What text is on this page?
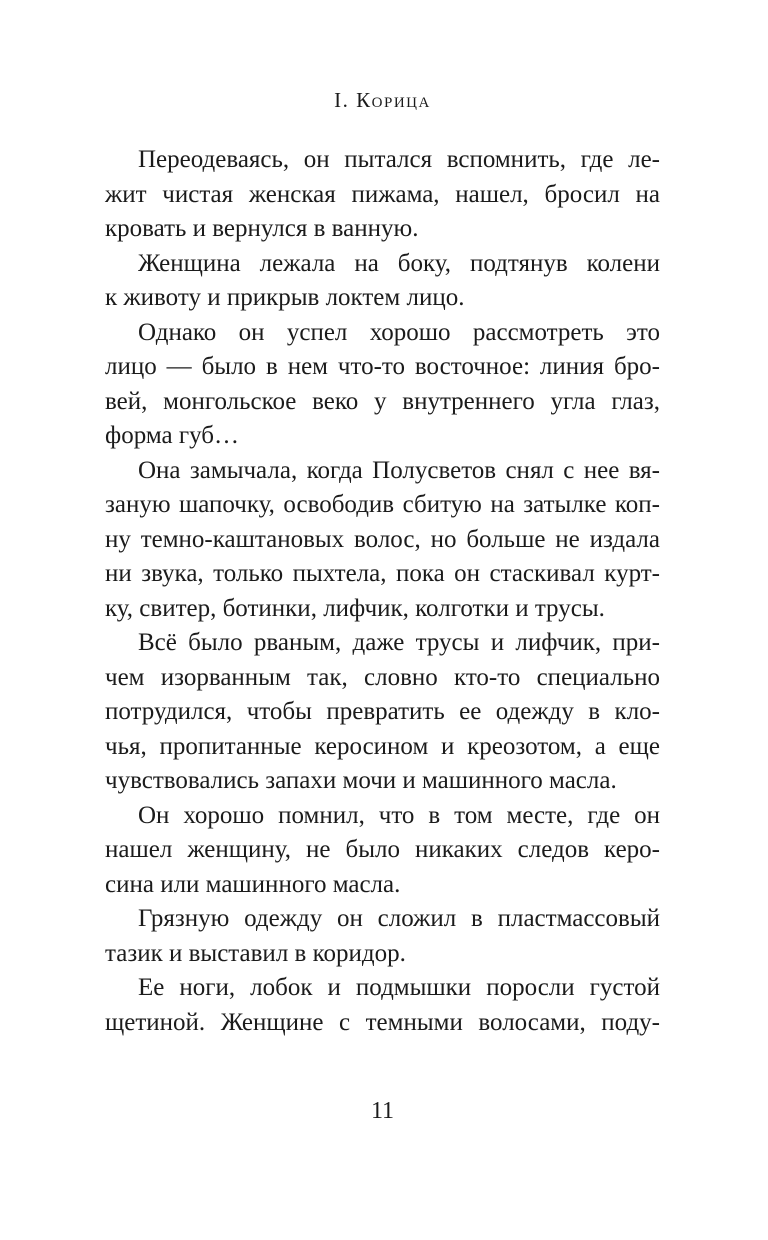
I. Корица
Переодеваясь, он пытался вспомнить, где ле-
жит чистая женская пижама, нашел, бросил на
кровать и вернулся в ванную.
Женщина лежала на боку, подтянув колени
к животу и прикрыв локтем лицо.
Однако он успел хорошо рассмотреть это
лицо — было в нем что-то восточное: линия бро-
вей, монгольское веко у внутреннего угла глаз,
форма губ…
Она замычала, когда Полусветов снял с нее вя-
заную шапочку, освободив сбитую на затылке коп-
ну темно-каштановых волос, но больше не издала
ни звука, только пыхтела, пока он стаскивал курт-
ку, свитер, ботинки, лифчик, колготки и трусы.
Всё было рваным, даже трусы и лифчик, при-
чем изорванным так, словно кто-то специально
потрудился, чтобы превратить ее одежду в кло-
чья, пропитанные керосином и креозотом, а еще
чувствовались запахи мочи и машинного масла.
Он хорошо помнил, что в том месте, где он
нашел женщину, не было никаких следов керо-
сина или машинного масла.
Грязную одежду он сложил в пластмассовый
тазик и выставил в коридор.
Ее ноги, лобок и подмышки поросли густой
щетиной. Женщине с темными волосами, поду-
11
